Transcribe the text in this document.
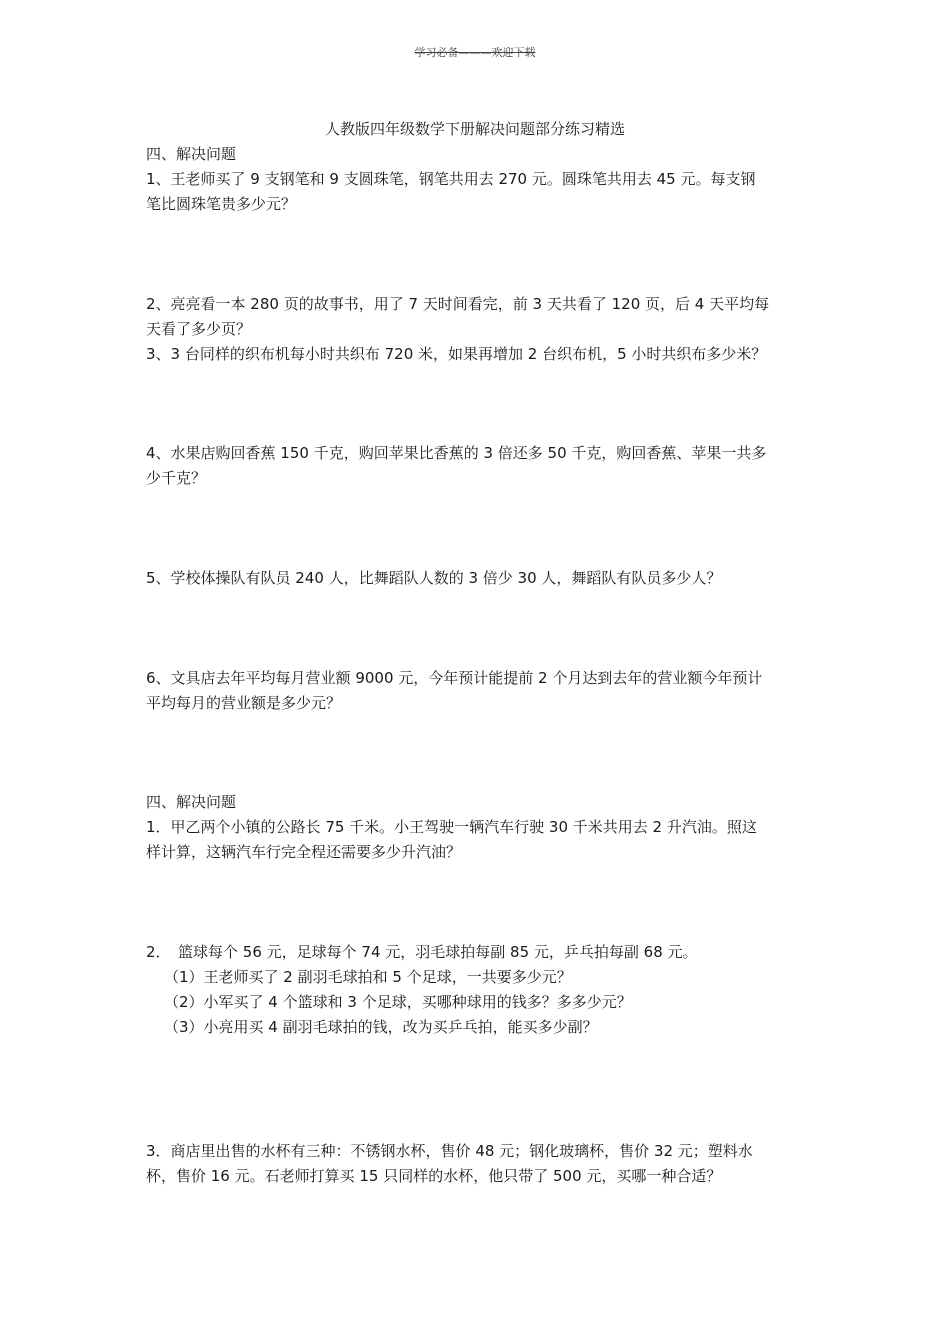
学习必备———欢迎下载
人教版四年级数学下册解决问题部分练习精选
四、解决问题
1、王老师买了 9 支钢笔和 9 支圆珠笔，钢笔共用去 270 元。圆珠笔共用去 45 元。每支钢
笔比圆珠笔贵多少元？
2、亮亮看一本 280 页的故事书，用了 7 天时间看完，前 3 天共看了 120 页，后 4 天平均每
天看了多少页？
3、3 台同样的织布机每小时共织布 720 米，如果再增加 2 台织布机，5 小时共织布多少米？
4、水果店购回香蕉 150 千克，购回苹果比香蕉的 3 倍还多 50 千克，购回香蕉、苹果一共多
少千克？
5、学校体操队有队员 240 人，比舞蹈队人数的 3 倍少 30 人，舞蹈队有队员多少人？
6、文具店去年平均每月营业额 9000 元，今年预计能提前 2 个月达到去年的营业额今年预计
平均每月的营业额是多少元？
四、解决问题
1．甲乙两个小镇的公路长 75 千米。小王驾驶一辆汽车行驶 30 千米共用去 2 升汽油。照这
样计算，这辆汽车行完全程还需要多少升汽油？
2．　篮球每个 56 元，足球每个 74 元，羽毛球拍每副 85 元，乒乓拍每副 68 元。
（1）王老师买了 2 副羽毛球拍和 5 个足球，一共要多少元？
（2）小军买了 4 个篮球和 3 个足球，买哪种球用的钱多？多多少元？
（3）小亮用买 4 副羽毛球拍的钱，改为买乒乓拍，能买多少副？
3．商店里出售的水杯有三种：不锈钢水杯，售价 48 元；钢化玻璃杯，售价 32 元；塑料水
杯，售价 16 元。石老师打算买 15 只同样的水杯，他只带了 500 元，买哪一种合适？
